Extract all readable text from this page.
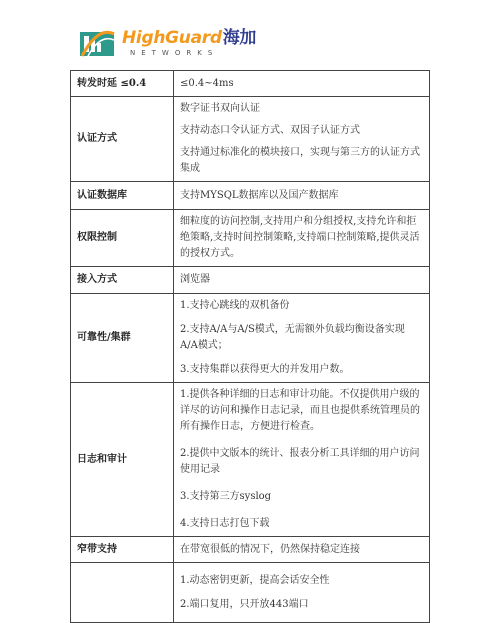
HighGuard海加
NETWORKS
转发时延 ≤0.4	≤0.4~4ms

认证方式	数字证书双向认证

支持动态口令认证方式、双因子认证方式

支持通过标准化的模块接口，实现与第三方的认证方式集成

认证数据库	支持MYSQL数据库以及国产数据库

权限控制	细粒度的访问控制,支持用户和分组授权,支持允许和拒绝策略,支持时间控制策略,支持端口控制策略,提供灵活的授权方式。

接入方式	浏览器

可靠性/集群	1.支持心跳线的双机备份

2.支持A/A与A/S模式，无需额外负载均衡设备实现A/A模式；

3.支持集群以获得更大的并发用户数。

日志和审计	1.提供各种详细的日志和审计功能。不仅提供用户级的详尽的访问和操作日志记录，而且也提供系统管理员的所有操作日志，方便进行检查。

2.提供中文版本的统计、报表分析工具详细的用户访问使用记录

3.支持第三方syslog

4.支持日志打包下载

窄带支持	在带宽很低的情况下，仍然保持稳定连接

	1.动态密钥更新，提高会话安全性

2.端口复用，只开放443端口
